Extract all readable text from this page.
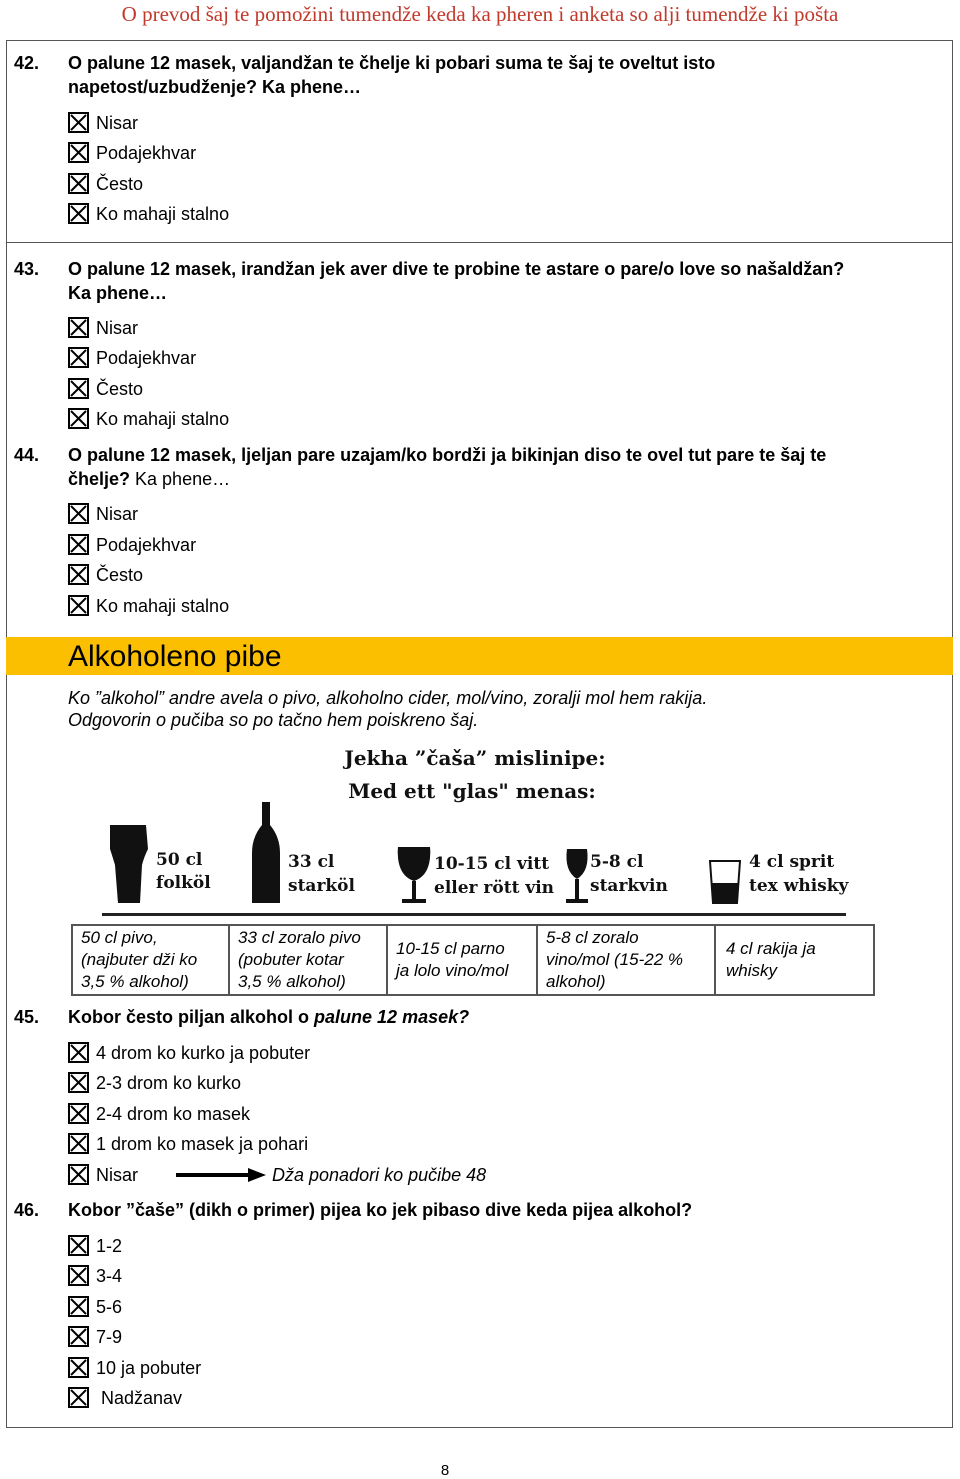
O prevod šaj te pomožini tumendže keda ka pheren i anketa so alji tumendže ki pošta
42. O palune 12 masek, valjandžan te čhelje ki pobari suma te šaj te oveltut isto
napetost/uzbudženje? Ka phene…
Nisar
Podajekhvar
Često
Ko mahaji stalno
43. O palune 12 masek, irandžan jek aver dive te probine te astare o pare/o love so našaldžan?
Ka phene…
Nisar
Podajekhvar
Često
Ko mahaji stalno
44. O palune 12 masek, ljeljan pare uzajam/ko bordži ja bikinjan diso te ovel tut pare te šaj te
čhelje? Ka phene…
Nisar
Podajekhvar
Često
Ko mahaji stalno
Alkoholeno pibe
Ko ”alkohol” andre avela o pivo, alkoholno cider, mol/vino, zoralji mol hem rakija.
Odgovorin o pučiba so po tačno hem poiskreno šaj.
Jekha ”čaša” mislinipe:
Med ett "glas" menas:
50 cl
folköl
33 cl
starköl
10-15 cl vitt
eller rött vin
5-8 cl
starkvin
4 cl sprit
tex whisky
50 cl pivo,
(najbuter dži ko
3,5 % alkohol)

33 cl zoralo pivo
(pobuter kotar
3,5 % alkohol)

10-15 cl parno
ja lolo vino/mol

5-8 cl zoralo
vino/mol (15-22 %
alkohol)

4 cl rakija ja
whisky
45. Kobor često piljan alkohol o palune 12 masek?
4 drom ko kurko ja pobuter
2-3 drom ko kurko
2-4 drom ko masek
1 drom ko masek ja pohari
Nisar	Dža ponadori ko pučibe 48
46. Kobor ”čaše” (dikh o primer) pijea ko jek pibaso dive keda pijea alkohol?
1-2
3-4
5-6
7-9
10 ja pobuter
Nadžanav
8
